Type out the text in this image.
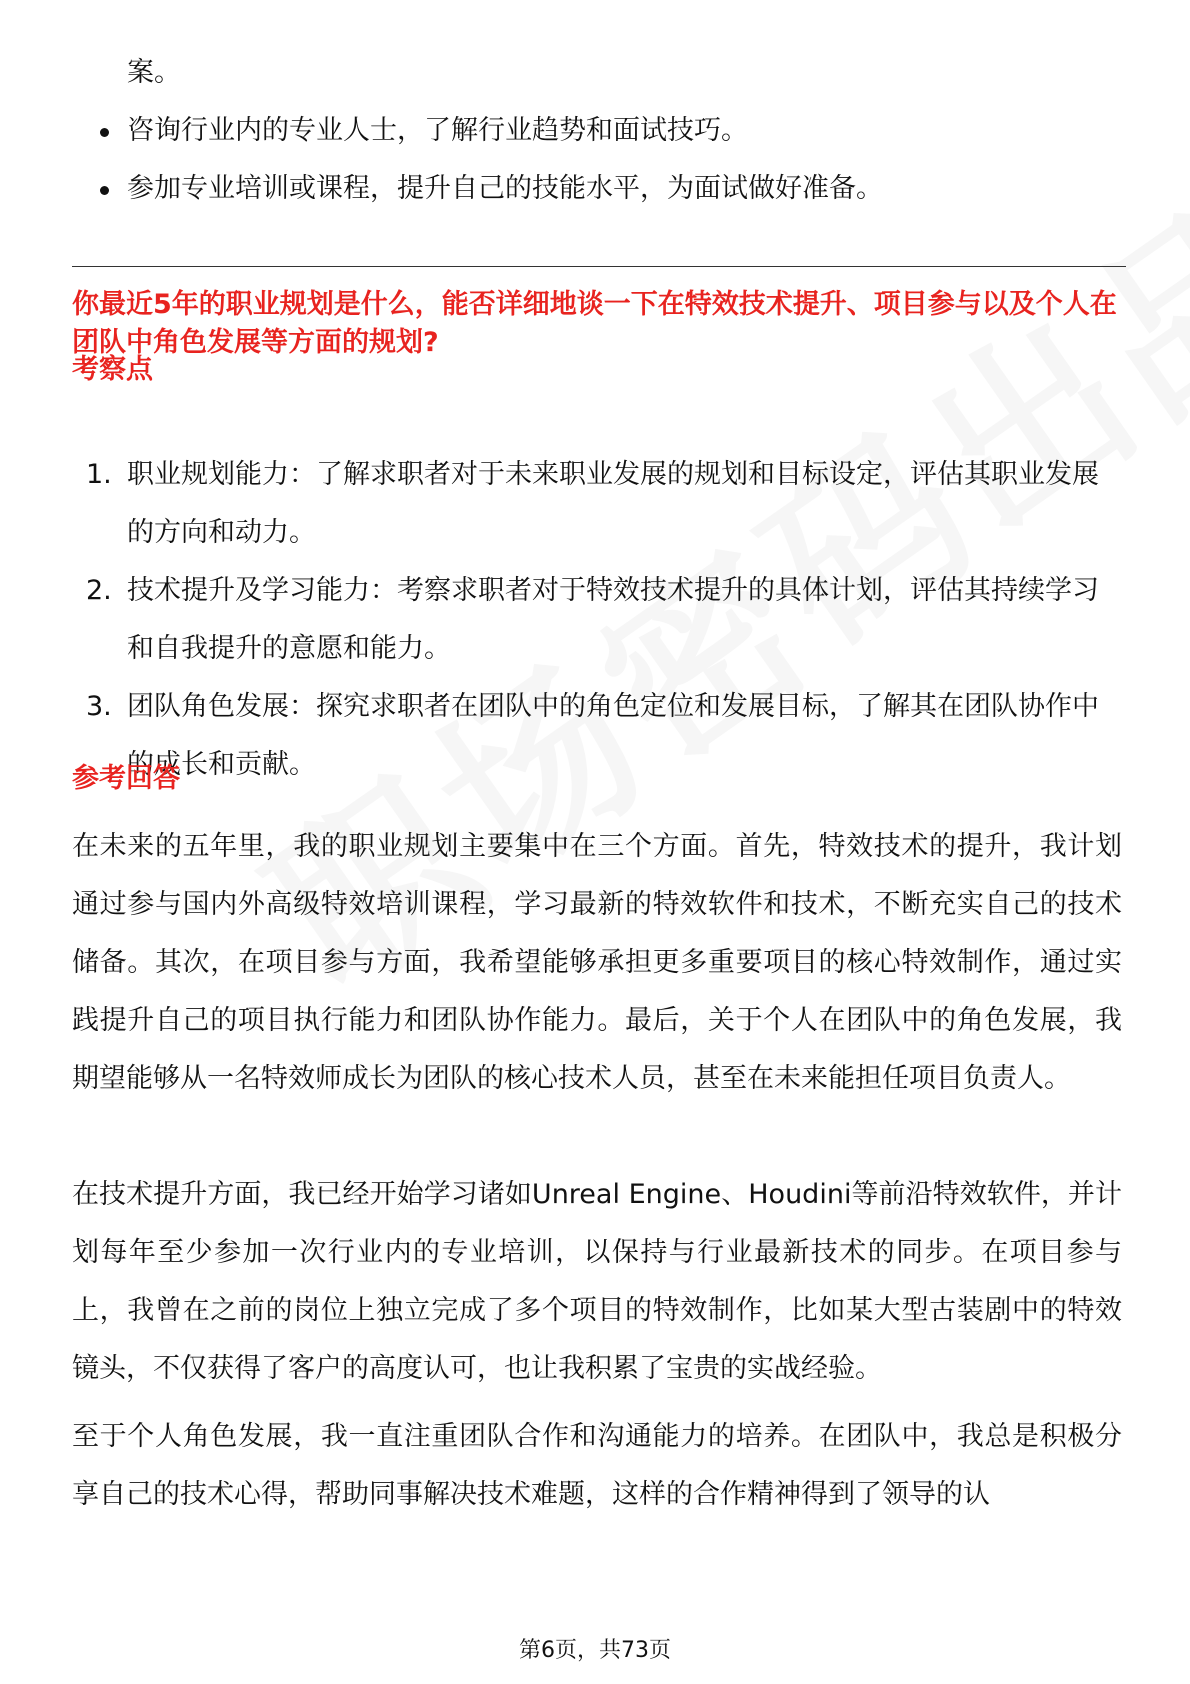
案。
咨询行业内的专业人士，了解行业趋势和面试技巧。
参加专业培训或课程，提升自己的技能水平，为面试做好准备。
你最近5年的职业规划是什么，能否详细地谈一下在特效技术提升、项目参与以及个人在团队中角色发展等方面的规划?
考察点
1. 职业规划能力：了解求职者对于未来职业发展的规划和目标设定，评估其职业发展的方向和动力。
2. 技术提升及学习能力：考察求职者对于特效技术提升的具体计划，评估其持续学习和自我提升的意愿和能力。
3. 团队角色发展：探究求职者在团队中的角色定位和发展目标，了解其在团队协作中的成长和贡献。
参考回答

在未来的五年里，我的职业规划主要集中在三个方面。首先，特效技术的提升，我计划通过参与国内外高级特效培训课程，学习最新的特效软件和技术，不断充实自己的技术储备。其次，在项目参与方面，我希望能够承担更多重要项目的核心特效制作，通过实践提升自己的项目执行能力和团队协作能力。最后，关于个人在团队中的角色发展，我期望能够从一名特效师成长为团队的核心技术人员，甚至在未来能担任项目负责人。

在技术提升方面，我已经开始学习诸如Unreal Engine、Houdini等前沿特效软件，并计划每年至少参加一次行业内的专业培训，以保持与行业最新技术的同步。在项目参与上，我曾在之前的岗位上独立完成了多个项目的特效制作，比如某大型古装剧中的特效镜头，不仅获得了客户的高度认可，也让我积累了宝贵的实战经验。

至于个人角色发展，我一直注重团队合作和沟通能力的培养。在团队中，我总是积极分享自己的技术心得，帮助同事解决技术难题，这样的合作精神得到了领导的认

第6页，共73页
